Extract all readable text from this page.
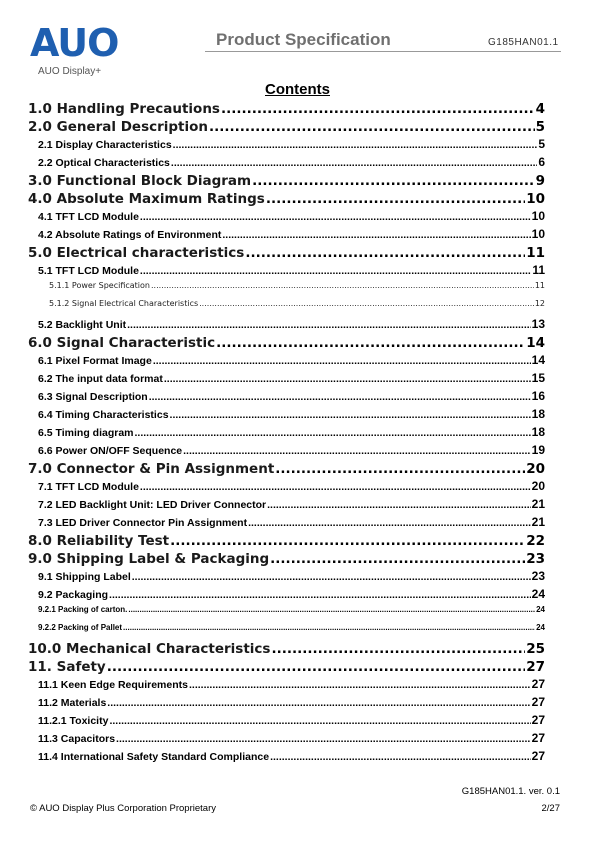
AUO
AUO Display+
Product Specification	G185HAN01.1
Contents
1.0 Handling Precautions .....	4
2.0 General Description .....	5
2.1 Display Characteristics .....	5
2.2 Optical Characteristics .....	6
3.0 Functional Block Diagram .....	9
4.0 Absolute Maximum Ratings .....	10
4.1 TFT LCD Module .....	10
4.2 Absolute Ratings of Environment .....	10
5.0 Electrical characteristics .....	11
5.1 TFT LCD Module .....	11
5.1.1 Power Specification .....	11
5.1.2 Signal Electrical Characteristics .....	12
5.2 Backlight Unit .....	13
6.0 Signal Characteristic .....	14
6.1 Pixel Format Image .....	14
6.2 The input data format .....	15
6.3 Signal Description .....	16
6.4 Timing Characteristics .....	18
6.5 Timing diagram .....	18
6.6 Power ON/OFF Sequence .....	19
7.0 Connector & Pin Assignment .....	20
7.1 TFT LCD Module .....	20
7.2 LED Backlight Unit: LED Driver Connector .....	21
7.3 LED Driver Connector Pin Assignment .....	21
8.0 Reliability Test .....	22
9.0 Shipping Label & Packaging .....	23
9.1 Shipping Label .....	23
9.2 Packaging .....	24
9.2.1 Packing of carton. .....	24
9.2.2 Packing of Pallet .....	24
10.0 Mechanical Characteristics .....	25
11. Safety .....	27
11.1 Keen Edge Requirements .....	27
11.2 Materials .....	27
11.2.1 Toxicity .....	27
11.3 Capacitors .....	27
11.4 International Safety Standard Compliance .....	27
G185HAN01.1. ver. 0.1
© AUO Display Plus Corporation Proprietary	2/27
